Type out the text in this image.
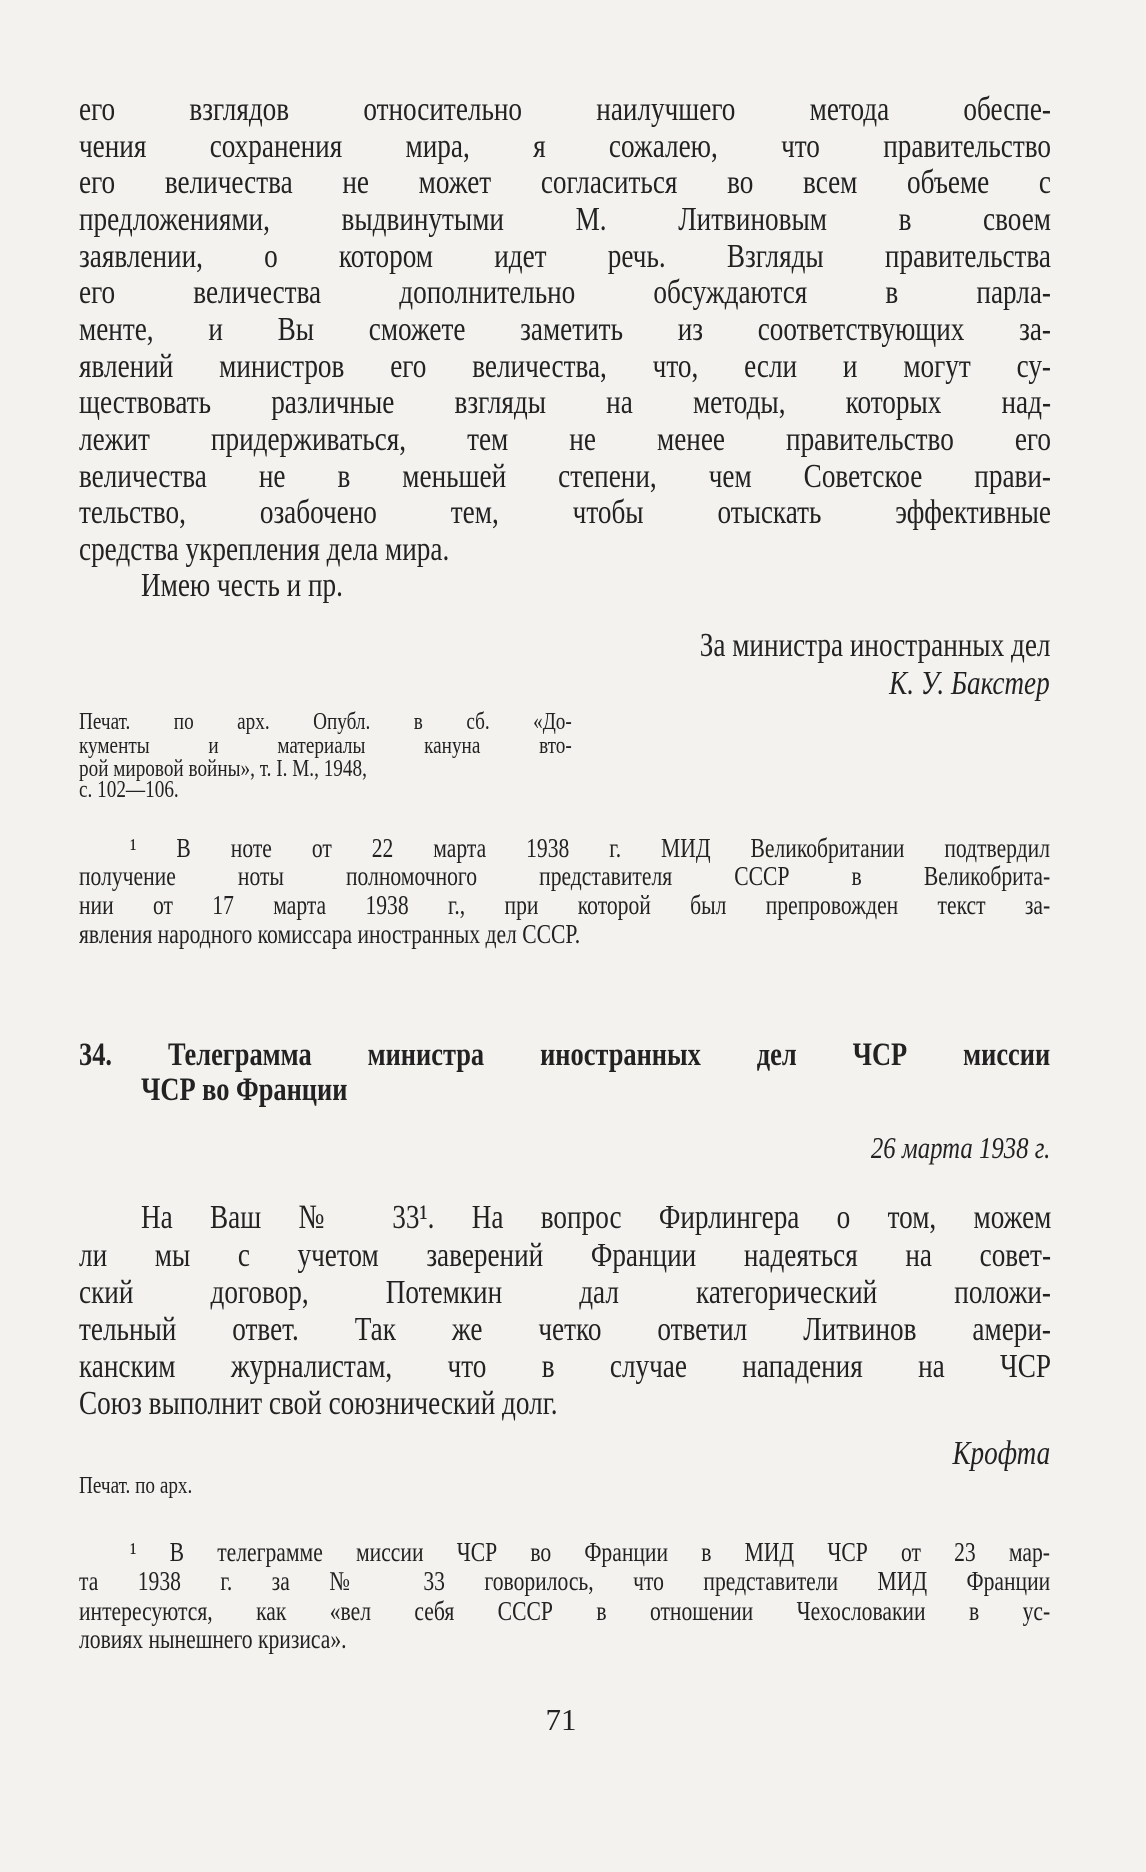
его взглядов относительно наилучшего метода обеспе-
чения сохранения мира, я сожалею, что правительство
его величества не может согласиться во всем объеме с
предложениями, выдвинутыми М. Литвиновым в своем
заявлении, о котором идет речь. Взгляды правительства
его величества дополнительно обсуждаются в парла-
менте, и Вы сможете заметить из соответствующих за-
явлений министров его величества, что, если и могут су-
ществовать различные взгляды на методы, которых над-
лежит придерживаться, тем не менее правительство его
величества не в меньшей степени, чем Советское прави-
тельство, озабочено тем, чтобы отыскать эффективные
средства укрепления дела мира.
Имею честь и пр.
За министра иностранных дел
К. У. Бакстер
Печат. по арх. Опубл. в сб. «До-
кументы и материалы кануна вто-
рой мировой войны», т. I. М., 1948,
с. 102—106.
¹ В ноте от 22 марта 1938 г. МИД Великобритании подтвердил
получение ноты полномочного представителя СССР в Великобрита-
нии от 17 марта 1938 г., при которой был препровожден текст за-
явления народного комиссара иностранных дел СССР.
34. Телеграмма министра иностранных дел ЧСР миссии
ЧСР во Франции
26 марта 1938 г.
На Ваш № 33¹. На вопрос Фирлингера о том, можем
ли мы с учетом заверений Франции надеяться на совет-
ский договор, Потемкин дал категорический положи-
тельный ответ. Так же четко ответил Литвинов амери-
канским журналистам, что в случае нападения на ЧСР
Союз выполнит свой союзнический долг.
Крофта
Печат. по арх.
¹ В телеграмме миссии ЧСР во Франции в МИД ЧСР от 23 мар-
та 1938 г. за № 33 говорилось, что представители МИД Франции
интересуются, как «вел себя СССР в отношении Чехословакии в ус-
ловиях нынешнего кризиса».
71
